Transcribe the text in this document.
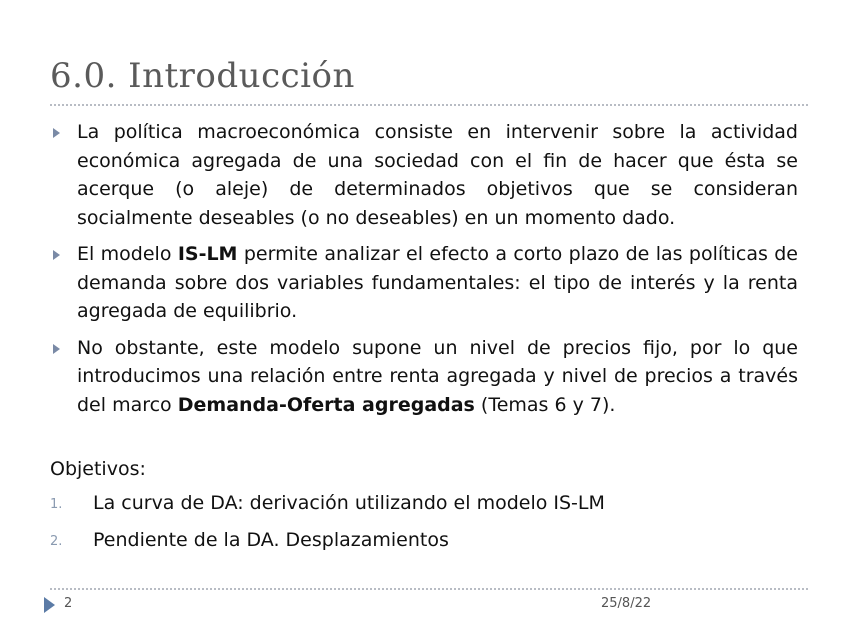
6.0. Introducción
La política macroeconómica consiste en intervenir sobre la actividad económica agregada de una sociedad con el fin de hacer que ésta se acerque (o aleje) de determinados objetivos que se consideran socialmente deseables (o no deseables) en un momento dado.
El modelo IS-LM permite analizar el efecto a corto plazo de las políticas de demanda sobre dos variables fundamentales: el tipo de interés y la renta agregada de equilibrio.
No obstante, este modelo supone un nivel de precios fijo, por lo que introducimos una relación entre renta agregada y nivel de precios a través del marco Demanda-Oferta agregadas (Temas 6 y 7).
Objetivos:
1. La curva de DA: derivación utilizando el modelo IS-LM
2. Pendiente de la DA. Desplazamientos
2	25/8/22
